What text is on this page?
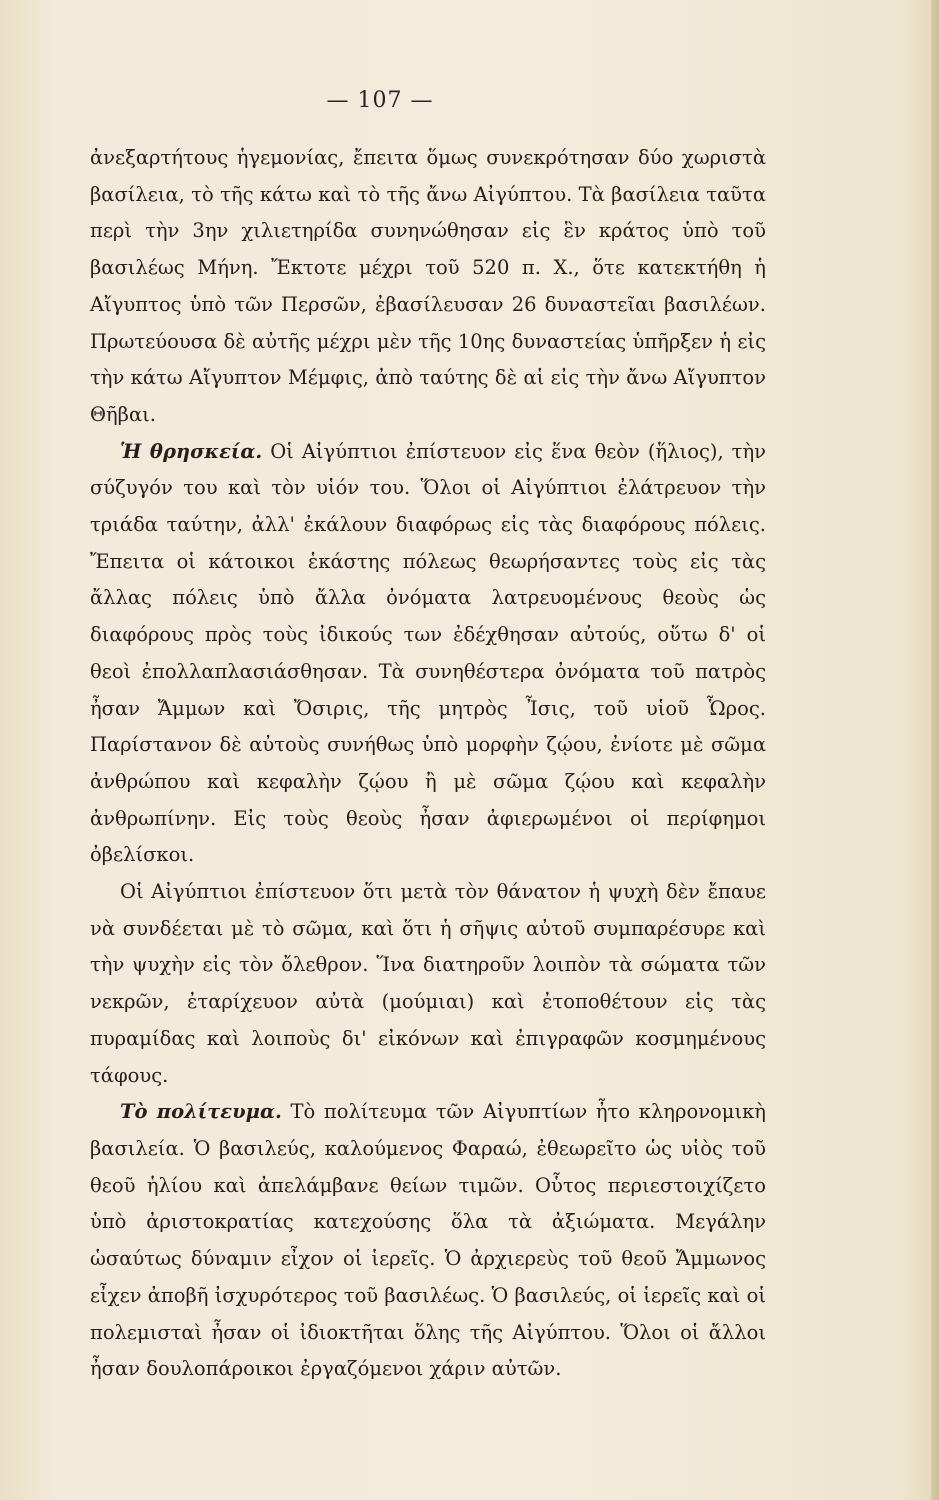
— 107 —

ἀνεξαρτήτους ἡγεμονίας, ἔπειτα ὅμως συνεκρότησαν δύο χωριστὰ βασίλεια, τὸ τῆς κάτω καὶ τὸ τῆς ἄνω Αἰγύπτου. Τὰ βασίλεια ταῦτα περὶ τὴν 3ην χιλιετηρίδα συνηνώθησαν εἰς ἓν κράτος ὑπὸ τοῦ βασιλέως Μήνη. Ἔκτοτε μέχρι τοῦ 520 π. Χ., ὅτε κατεκτήθη ἡ Αἴγυπτος ὑπὸ τῶν Περσῶν, ἐβασίλευσαν 26 δυναστεῖαι βασιλέων. Πρωτεύουσα δὲ αὐτῆς μέχρι μὲν τῆς 10ης δυναστείας ὑπῆρξεν ἡ εἰς τὴν κάτω Αἴγυπτον Μέμφις, ἀπὸ ταύτης δὲ αἱ εἰς τὴν ἄνω Αἴγυπτον Θῆβαι.

Ἡ θρησκεία. Οἱ Αἰγύπτιοι ἐπίστευον εἰς ἕνα θεὸν (ἥλιος), τὴν σύζυγόν του καὶ τὸν υἱόν του. Ὅλοι οἱ Αἰγύπτιοι ἐλάτρευον τὴν τριάδα ταύτην, ἀλλ' ἐκάλουν διαφόρως εἰς τὰς διαφόρους πόλεις. Ἔπειτα οἱ κάτοικοι ἑκάστης πόλεως θεωρήσαντες τοὺς εἰς τὰς ἄλλας πόλεις ὑπὸ ἄλλα ὀνόματα λατρευομένους θεοὺς ὡς διαφόρους πρὸς τοὺς ἰδικούς των ἐδέχθησαν αὐτούς, οὕτω δ' οἱ θεοὶ ἐπολλαπλασιάσθησαν. Τὰ συνηθέστερα ὀνόματα τοῦ πατρὸς ἦσαν Ἄμμων καὶ Ὄσιρις, τῆς μητρὸς Ἶσις, τοῦ υἱοῦ Ὧρος. Παρίστανον δὲ αὐτοὺς συνήθως ὑπὸ μορφὴν ζῴου, ἐνίοτε μὲ σῶμα ἀνθρώπου καὶ κεφαλὴν ζῴου ἢ μὲ σῶμα ζῴου καὶ κεφαλὴν ἀνθρωπίνην. Εἰς τοὺς θεοὺς ἦσαν ἀφιερωμένοι οἱ περίφημοι ὀβελίσκοι.

Οἱ Αἰγύπτιοι ἐπίστευον ὅτι μετὰ τὸν θάνατον ἡ ψυχὴ δὲν ἔπαυε νὰ συνδέεται μὲ τὸ σῶμα, καὶ ὅτι ἡ σῆψις αὐτοῦ συμπαρέσυρε καὶ τὴν ψυχὴν εἰς τὸν ὄλεθρον. Ἵνα διατηροῦν λοιπὸν τὰ σώματα τῶν νεκρῶν, ἐταρίχευον αὐτὰ (μούμιαι) καὶ ἐτοποθέτουν εἰς τὰς πυραμίδας καὶ λοιποὺς δι' εἰκόνων καὶ ἐπιγραφῶν κοσμημένους τάφους.

Τὸ πολίτευμα. Τὸ πολίτευμα τῶν Αἰγυπτίων ἦτο κληρονομικὴ βασιλεία. Ὁ βασιλεύς, καλούμενος Φαραώ, ἐθεωρεῖτο ὡς υἱὸς τοῦ θεοῦ ἡλίου καὶ ἀπελάμβανε θείων τιμῶν. Οὗτος περιεστοιχίζετο ὑπὸ ἀριστοκρατίας κατεχούσης ὅλα τὰ ἀξιώματα. Μεγάλην ὡσαύτως δύναμιν εἶχον οἱ ἱερεῖς. Ὁ ἀρχιερεὺς τοῦ θεοῦ Ἄμμωνος εἶχεν ἀποβῆ ἰσχυρότερος τοῦ βασιλέως. Ὁ βασιλεύς, οἱ ἱερεῖς καὶ οἱ πολεμισταὶ ἦσαν οἱ ἰδιοκτῆται ὅλης τῆς Αἰγύπτου. Ὅλοι οἱ ἄλλοι ἦσαν δουλοπάροικοι ἐργαζόμενοι χάριν αὐτῶν.
